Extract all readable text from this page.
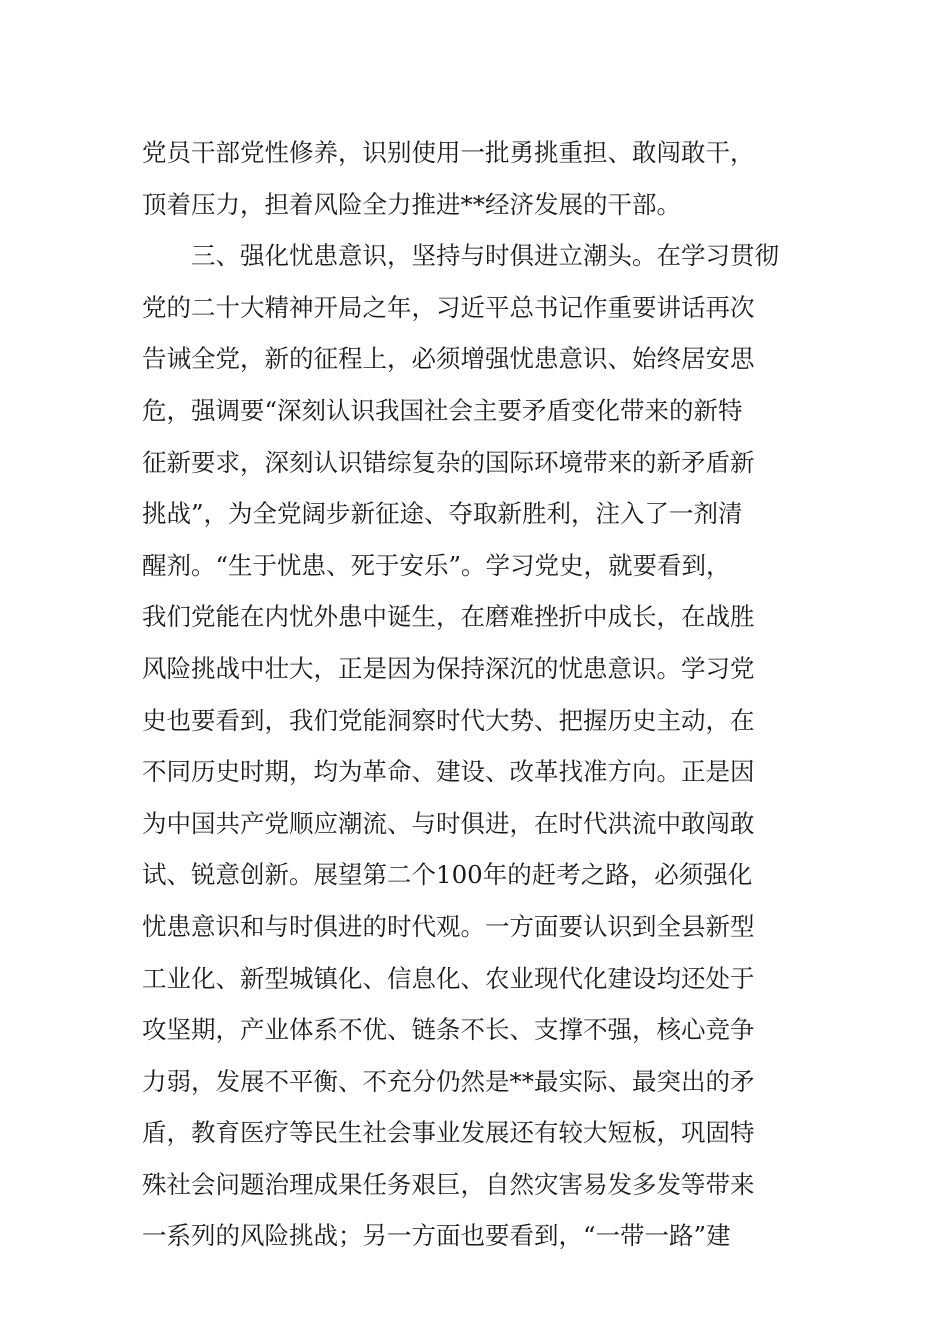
党员干部党性修养，识别使用一批勇挑重担、敢闯敢干，
顶着压力，担着风险全力推进**经济发展的干部。
三、强化忧患意识，坚持与时俱进立潮头。在学习贯彻
党的二十大精神开局之年，习近平总书记作重要讲话再次
告诫全党，新的征程上，必须增强忧患意识、始终居安思
危，强调要“深刻认识我国社会主要矛盾变化带来的新特
征新要求，深刻认识错综复杂的国际环境带来的新矛盾新
挑战”，为全党阔步新征途、夺取新胜利，注入了一剂清
醒剂。“生于忧患、死于安乐”。学习党史，就要看到，
我们党能在内忧外患中诞生，在磨难挫折中成长，在战胜
风险挑战中壮大，正是因为保持深沉的忧患意识。学习党
史也要看到，我们党能洞察时代大势、把握历史主动，在
不同历史时期，均为革命、建设、改革找准方向。正是因
为中国共产党顺应潮流、与时俱进，在时代洪流中敢闯敢
试、锐意创新。展望第二个100年的赶考之路，必须强化
忧患意识和与时俱进的时代观。一方面要认识到全县新型
工业化、新型城镇化、信息化、农业现代化建设均还处于
攻坚期，产业体系不优、链条不长、支撑不强，核心竞争
力弱，发展不平衡、不充分仍然是**最实际、最突出的矛
盾，教育医疗等民生社会事业发展还有较大短板，巩固特
殊社会问题治理成果任务艰巨，自然灾害易发多发等带来
一系列的风险挑战；另一方面也要看到，“一带一路”建
